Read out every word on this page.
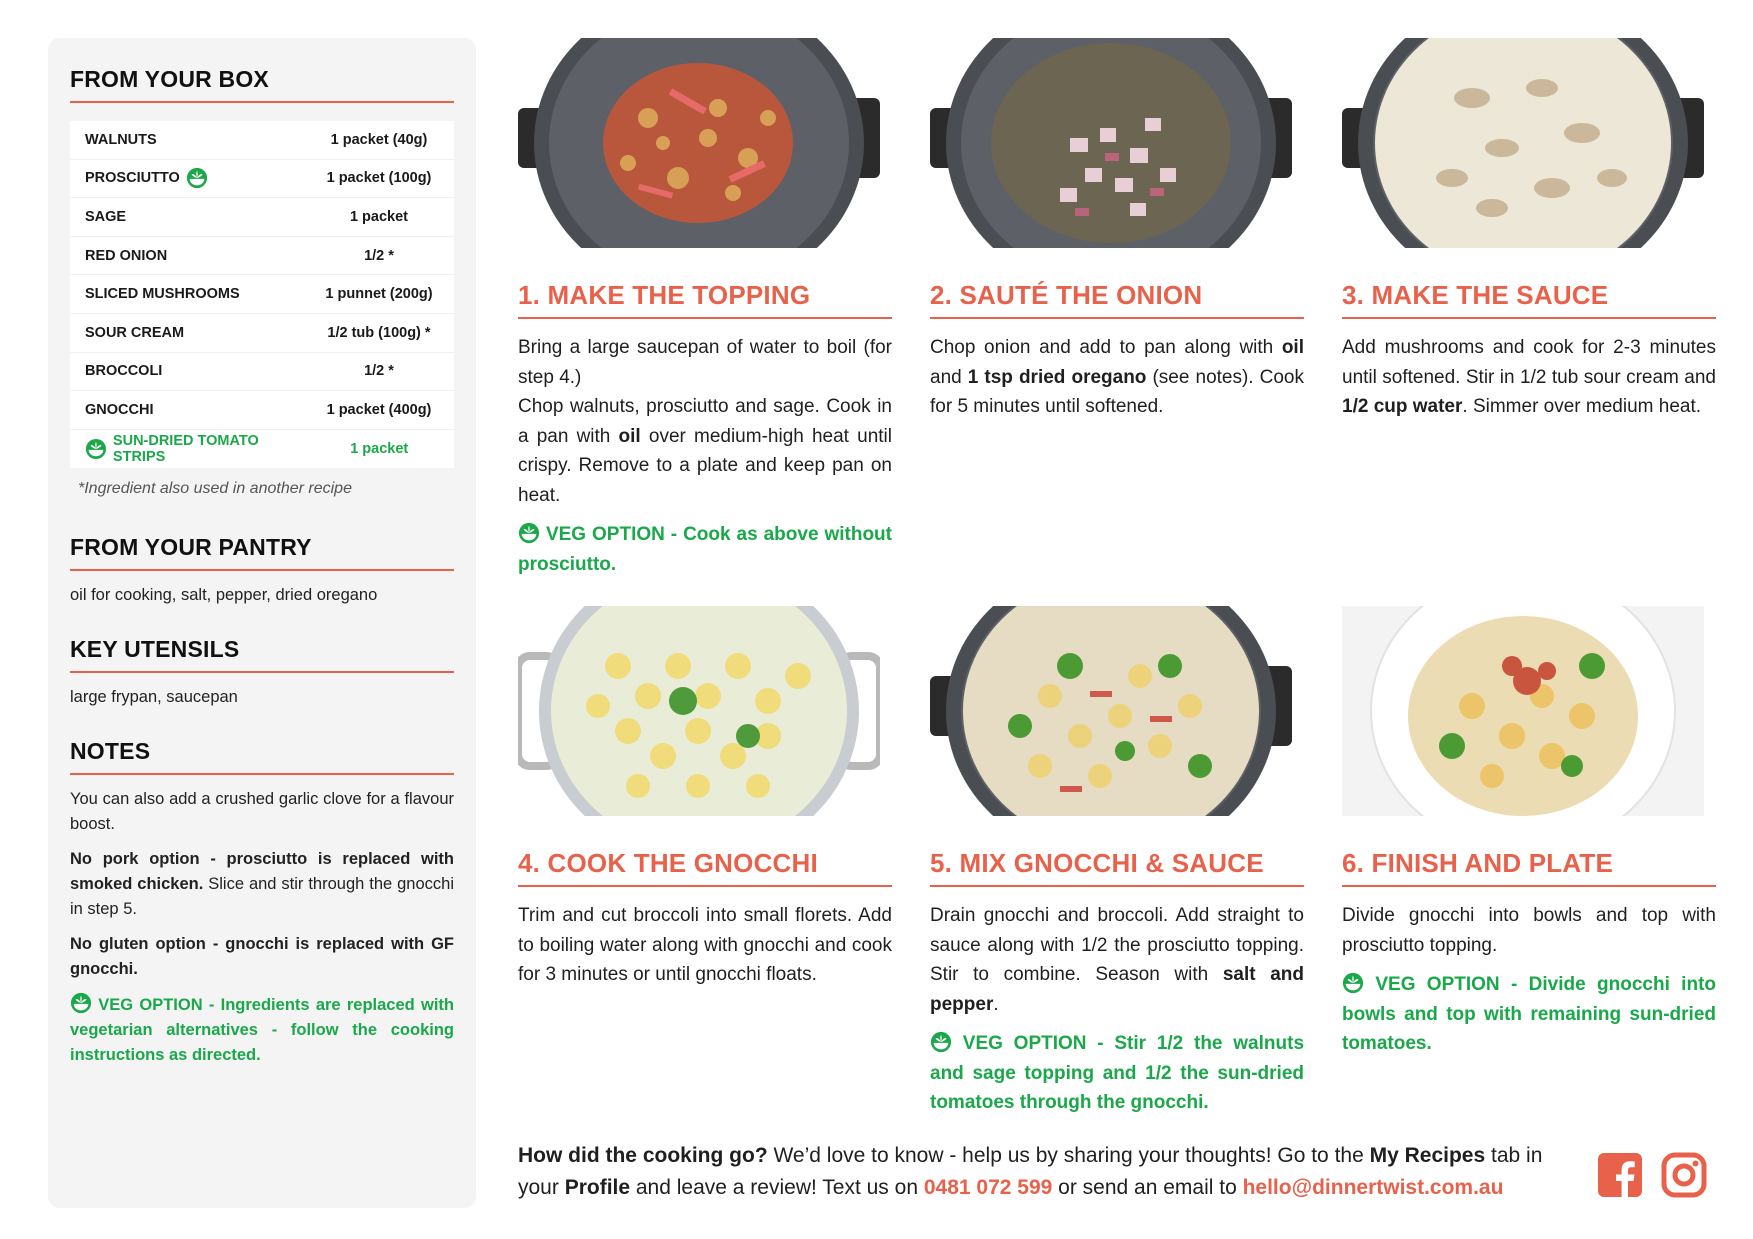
FROM YOUR BOX
WALNUTS	1 packet (40g)
PROSCIUTTO	1 packet (100g)
SAGE	1 packet
RED ONION	1/2 *
SLICED MUSHROOMS	1 punnet (200g)
SOUR CREAM	1/2 tub (100g) *
BROCCOLI	1/2 *
GNOCCHI	1 packet (400g)
SUN-DRIED TOMATO STRIPS	1 packet
*Ingredient also used in another recipe
FROM YOUR PANTRY
oil for cooking, salt, pepper, dried oregano
KEY UTENSILS
large frypan, saucepan
NOTES

You can also add a crushed garlic clove for a flavour boost.

No pork option - prosciutto is replaced with smoked chicken. Slice and stir through the gnocchi in step 5.

No gluten option - gnocchi is replaced with GF gnocchi.

VEG OPTION - Ingredients are replaced with vegetarian alternatives - follow the cooking instructions as directed.

1. MAKE THE TOPPING
Bring a large saucepan of water to boil (for step 4.)
Chop walnuts, prosciutto and sage. Cook in a pan with oil over medium-high heat until crispy. Remove to a plate and keep pan on heat.
VEG OPTION - Cook as above without prosciutto.
2. SAUTÉ THE ONION
Chop onion and add to pan along with oil and 1 tsp dried oregano (see notes). Cook for 5 minutes until softened.
3. MAKE THE SAUCE
Add mushrooms and cook for 2-3 minutes until softened. Stir in 1/2 tub sour cream and 1/2 cup water. Simmer over medium heat.
4. COOK THE GNOCCHI
Trim and cut broccoli into small florets. Add to boiling water along with gnocchi and cook for 3 minutes or until gnocchi floats.
5. MIX GNOCCHI & SAUCE
Drain gnocchi and broccoli. Add straight to sauce along with 1/2 the prosciutto topping. Stir to combine. Season with salt and pepper.
VEG OPTION - Stir 1/2 the walnuts and sage topping and 1/2 the sun-dried tomatoes through the gnocchi.
6. FINISH AND PLATE
Divide gnocchi into bowls and top with prosciutto topping.
VEG OPTION - Divide gnocchi into bowls and top with remaining sun-dried tomatoes.
How did the cooking go? We’d love to know - help us by sharing your thoughts! Go to the My Recipes tab in your Profile and leave a review! Text us on 0481 072 599 or send an email to hello@dinnertwist.com.au
